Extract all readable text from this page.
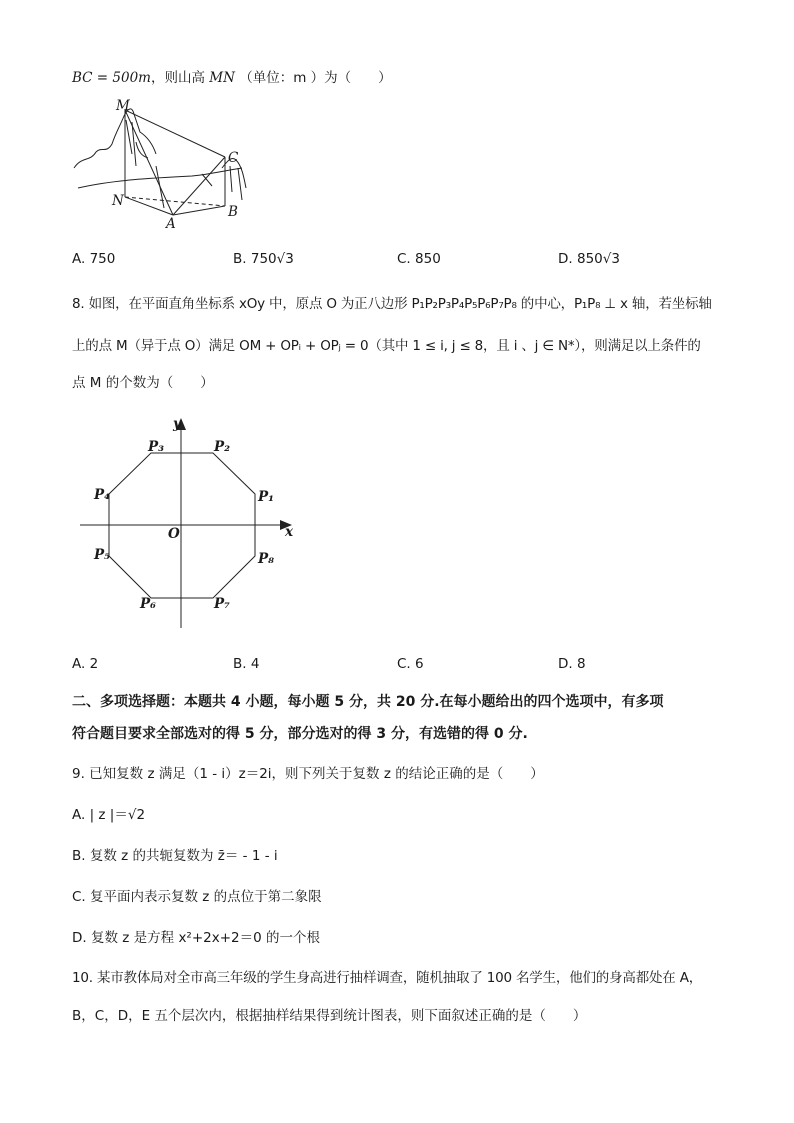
BC = 500m，则山高 MN （单位：m ）为（　　）
M
N
A
B
C
A. 750	B. 750√3	C. 850	D. 850√3
8. 如图，在平面直角坐标系 xOy 中，原点 O 为正八边形 P₁P₂P₃P₄P₅P₆P₇P₈ 的中心，P₁P₈ ⊥ x 轴，若坐标轴
上的点 M（异于点 O）满足 OM + OPᵢ + OPⱼ = 0（其中 1 ≤ i, j ≤ 8，且 i 、j ∈ N*），则满足以上条件的
点 M 的个数为（　　）
y
x
O
P₁
P₂
P₃
P₄
P₅
P₆	P₇
P₈
A. 2	B. 4	C. 6	D. 8
二、多项选择题：本题共 4 小题，每小题 5 分，共 20 分.在每小题给出的四个选项中，有多项
符合题目要求全部选对的得 5 分，部分选对的得 3 分，有选错的得 0 分.
9. 已知复数 z 满足（1 - i）z＝2i，则下列关于复数 z 的结论正确的是（　　）
A. | z |＝√2
B. 复数 z 的共轭复数为 z̄＝ - 1 - i
C. 复平面内表示复数 z 的点位于第二象限
D. 复数 z 是方程 x²+2x+2＝0 的一个根
10. 某市教体局对全市高三年级的学生身高进行抽样调查，随机抽取了 100 名学生，他们的身高都处在 A，
B，C，D，E 五个层次内，根据抽样结果得到统计图表，则下面叙述正确的是（　　）
